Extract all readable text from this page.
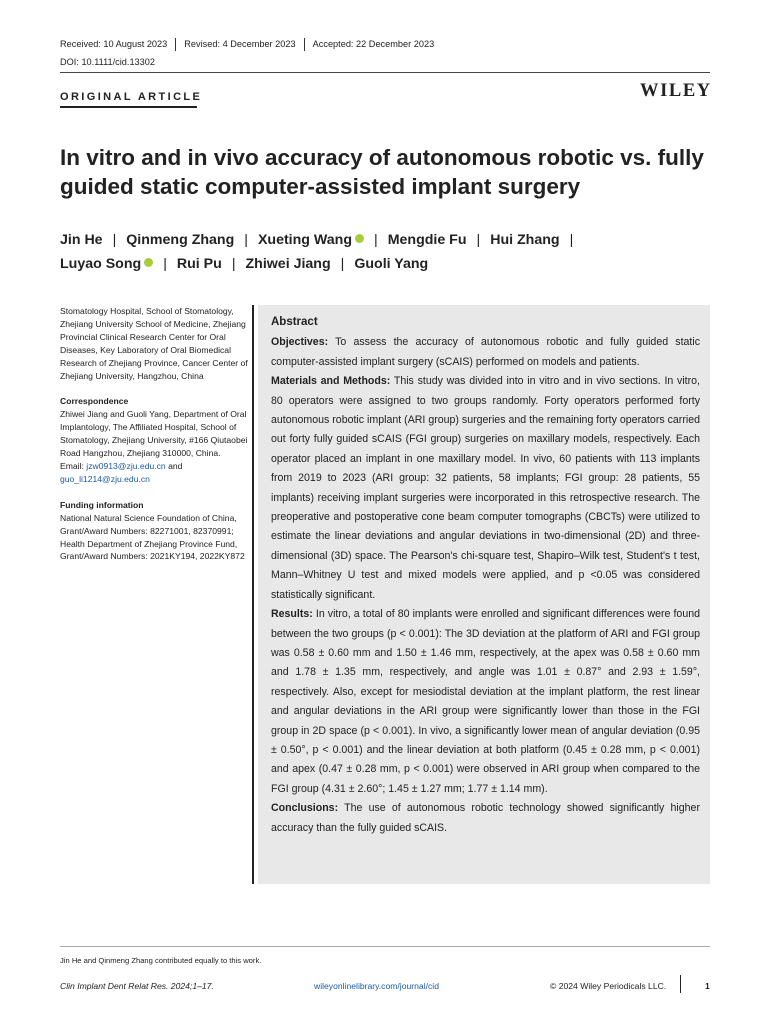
Received: 10 August 2023	Revised: 4 December 2023	Accepted: 22 December 2023
DOI: 10.1111/cid.13302
ORIGINAL ARTICLE	WILEY
In vitro and in vivo accuracy of autonomous robotic vs. fully guided static computer-assisted implant surgery
Jin He | Qinmeng Zhang | Xueting Wang | Mengdie Fu | Hui Zhang |
Luyao Song | Rui Pu | Zhiwei Jiang | Guoli Yang

Stomatology Hospital, School of Stomatology, Zhejiang University School of Medicine, Zhejiang Provincial Clinical Research Center for Oral Diseases, Key Laboratory of Oral Biomedical Research of Zhejiang Province, Cancer Center of Zhejiang University, Hangzhou, China

Correspondence

Zhiwei Jiang and Guoli Yang, Department of Oral Implantology, The Affiliated Hospital, School of Stomatology, Zhejiang University, #166 Qiutaobei Road Hangzhou, Zhejiang 310000, China.

Email: jzw0913@zju.edu.cn and guo_li1214@zju.edu.cn

Funding information

National Natural Science Foundation of China, Grant/Award Numbers: 82271001, 82370991; Health Department of Zhejiang Province Fund, Grant/Award Numbers: 2021KY194, 2022KY872

Abstract

Objectives: To assess the accuracy of autonomous robotic and fully guided static computer-assisted implant surgery (sCAIS) performed on models and patients.

Materials and Methods: This study was divided into in vitro and in vivo sections. In vitro, 80 operators were assigned to two groups randomly. Forty operators performed forty autonomous robotic implant (ARI group) surgeries and the remaining forty operators carried out forty fully guided sCAIS (FGI group) surgeries on maxillary models, respectively. Each operator placed an implant in one maxillary model. In vivo, 60 patients with 113 implants from 2019 to 2023 (ARI group: 32 patients, 58 implants; FGI group: 28 patients, 55 implants) receiving implant surgeries were incorporated in this retrospective research. The preoperative and postoperative cone beam computer tomographs (CBCTs) were utilized to estimate the linear deviations and angular deviations in two-dimensional (2D) and three-dimensional (3D) space. The Pearson's chi-square test, Shapiro–Wilk test, Student's t test, Mann–Whitney U test and mixed models were applied, and p <0.05 was considered statistically significant.

Results: In vitro, a total of 80 implants were enrolled and significant differences were found between the two groups (p < 0.001): The 3D deviation at the platform of ARI and FGI group was 0.58 ± 0.60 mm and 1.50 ± 1.46 mm, respectively, at the apex was 0.58 ± 0.60 mm and 1.78 ± 1.35 mm, respectively, and angle was 1.01 ± 0.87° and 2.93 ± 1.59°, respectively. Also, except for mesiodistal deviation at the implant platform, the rest linear and angular deviations in the ARI group were significantly lower than those in the FGI group in 2D space (p < 0.001). In vivo, a significantly lower mean of angular deviation (0.95 ± 0.50°, p < 0.001) and the linear deviation at both platform (0.45 ± 0.28 mm, p < 0.001) and apex (0.47 ± 0.28 mm, p < 0.001) were observed in ARI group when compared to the FGI group (4.31 ± 2.60°; 1.45 ± 1.27 mm; 1.77 ± 1.14 mm).

Conclusions: The use of autonomous robotic technology showed significantly higher accuracy than the fully guided sCAIS.

Jin He and Qinmeng Zhang contributed equally to this work.
Clin Implant Dent Relat Res. 2024;1–17.	wileyonlinelibrary.com/journal/cid	© 2024 Wiley Periodicals LLC.	1
